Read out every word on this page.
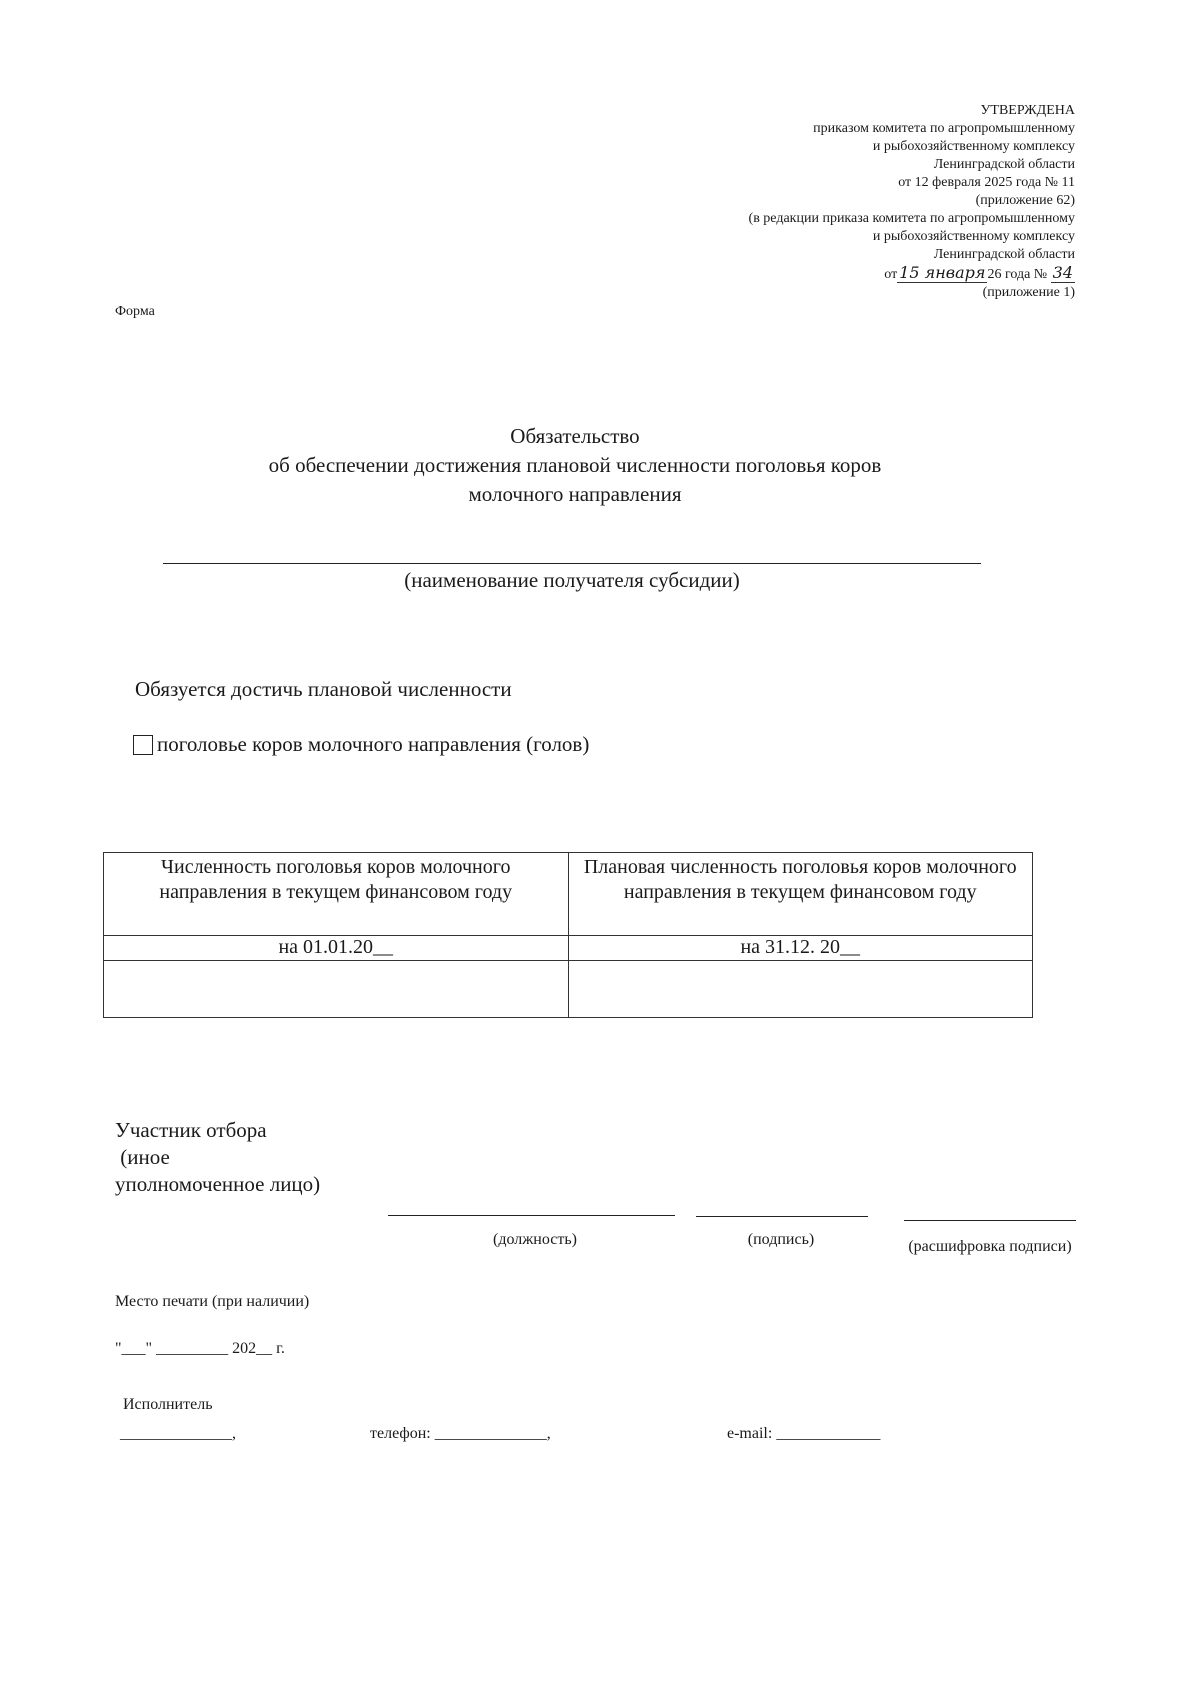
УТВЕРЖДЕНА
приказом комитета по агропромышленному
и рыбохозяйственному комплексу
Ленинградской области
от 12 февраля 2025 года № 11
(приложение 62)
(в редакции приказа комитета по агропромышленному
и рыбохозяйственному комплексу
Ленинградской области
от 15 января 26 года № 34
(приложение 1)
Форма
Обязательство
об обеспечении достижения плановой численности поголовья коров
молочного направления
(наименование получателя субсидии)
Обязуется достичь плановой численности
поголовье коров молочного направления (голов)
Численность поголовья коров молочного направления в текущем финансовом году	Плановая численность поголовья коров молочного направления в текущем финансовом году
на 01.01.20__	на 31.12. 20__

Участник отбора
(иное
уполномоченное лицо)
(должность)	(подпись)	(расшифровка подписи)
Место печати (при наличии)
"___" _________ 202__ г.
Исполнитель
______________,	телефон: ______________,	e-mail: _____________
